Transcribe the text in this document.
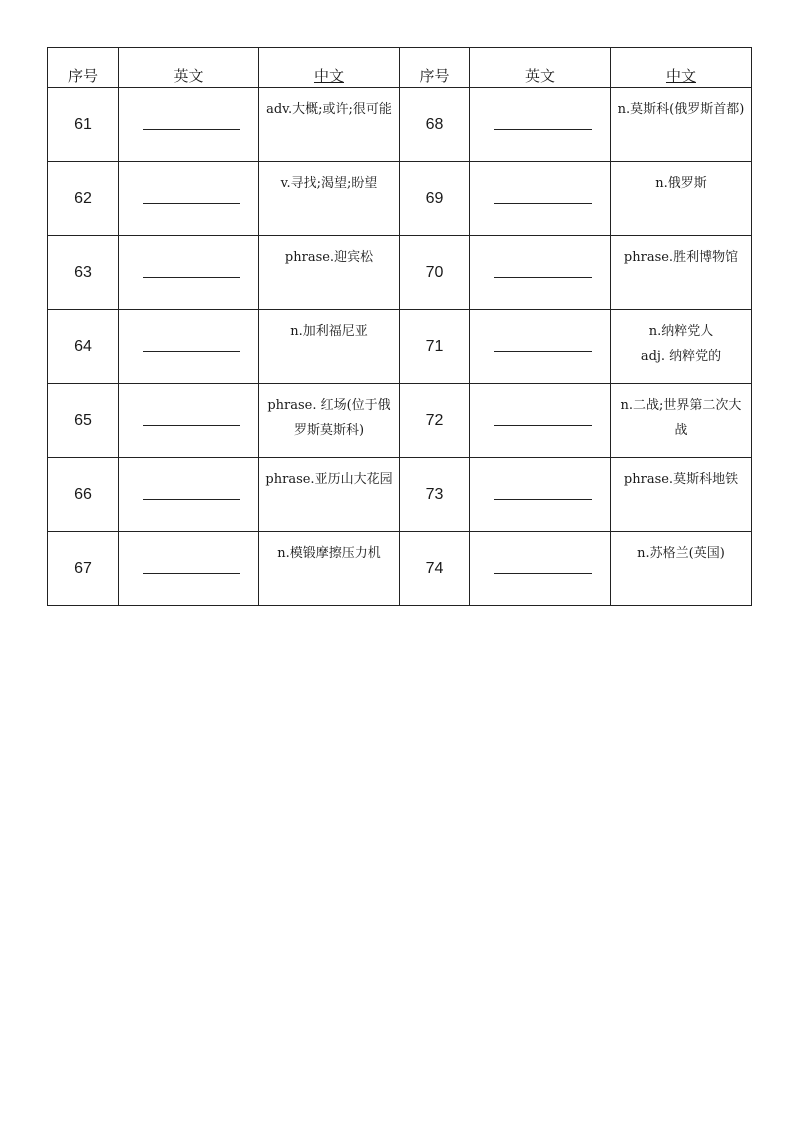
序号	英文	中文	序号	英文	中文
61		adv.大概;或许;很可能	68		n.莫斯科(俄罗斯首都)
62		v.寻找;渴望;盼望	69		n.俄罗斯
63		phrase.迎宾松	70		phrase.胜利博物馆
64		n.加利福尼亚	71		n.纳粹党人
adj. 纳粹党的
65		phrase. 红场(位于俄罗斯莫斯科)	72		n.二战;世界第二次大战
66		phrase.亚历山大花园	73		phrase.莫斯科地铁
67		n.模锻摩擦压力机	74		n.苏格兰(英国)
